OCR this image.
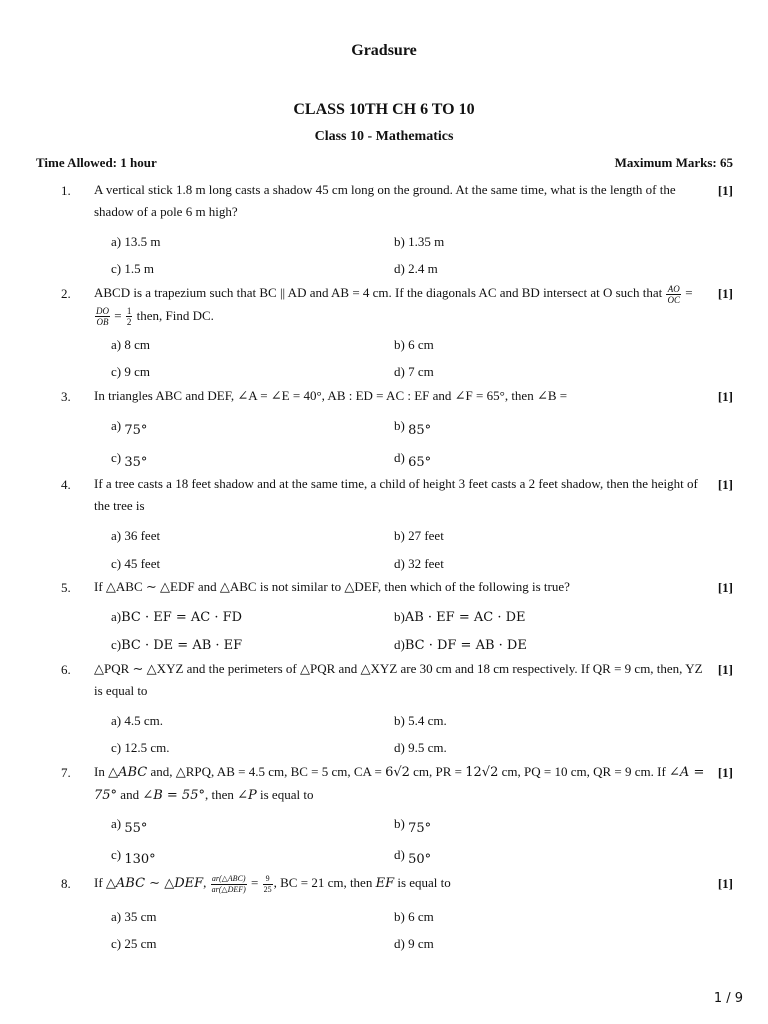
Gradsure
CLASS 10TH CH 6 TO 10
Class 10 - Mathematics
Time Allowed: 1 hour	Maximum Marks: 65
1. A vertical stick 1.8 m long casts a shadow 45 cm long on the ground. At the same time, what is the length of the shadow of a pole 6 m high?
[1]
a) 13.5 m	b) 1.35 m
c) 1.5 m	d) 2.4 m
2. ABCD is a trapezium such that BC || AD and AB = 4 cm. If the diagonals AC and BD intersect at O such that $\frac{AO}{OC}$ =
$\frac{DO}{OB} = \frac{1}{2}$ then, Find DC.
[1]
a) 8 cm	b) 6 cm
c) 9 cm	d) 7 cm
3. In triangles ABC and DEF, ∠A = ∠E = 40°, AB : ED = AC : EF and ∠F = 65°, then ∠B =	[1]
a) 75°	b) 85°
c) 35°	d) 65°
4. If a tree casts a 18 feet shadow and at the same time, a child of height 3 feet casts a 2 feet shadow, then the height of the tree is
[1]
a) 36 feet	b) 27 feet
c) 45 feet	d) 32 feet
5. If △ABC ∼ △EDF and △ABC is not similar to △DEF, then which of the following is true?	[1]
a)BC · EF = AC · FD	b)AB · EF = AC · DE
c)BC · DE = AB · EF	d)BC · DF = AB · DE
6. △PQR ∼ △XYZ and the perimeters of △PQR and △XYZ are 30 cm and 18 cm respectively. If QR = 9 cm, then, YZ is equal to
[1]
a) 4.5 cm.	b) 5.4 cm.
c) 12.5 cm.	d) 9.5 cm.
7. In △ABC and, △RPQ, AB = 4.5 cm, BC = 5 cm, CA = 6√2 cm, PR = 12√2 cm, PQ = 10 cm, QR = 9 cm. If ∠A = 75° and ∠B = 55°, then ∠P is equal to
[1]
a) 55°	b) 75°
c) 130°	d) 50°
8. If △ABC ∼ △DEF, $\frac{\text{ar(△ABC)}}{\text{ar(△DEF)}} = \frac{9}{25}$ , BC = 21 cm, then EF is equal to	[1]
a) 35 cm	b) 6 cm
c) 25 cm	d) 9 cm
1 / 9
